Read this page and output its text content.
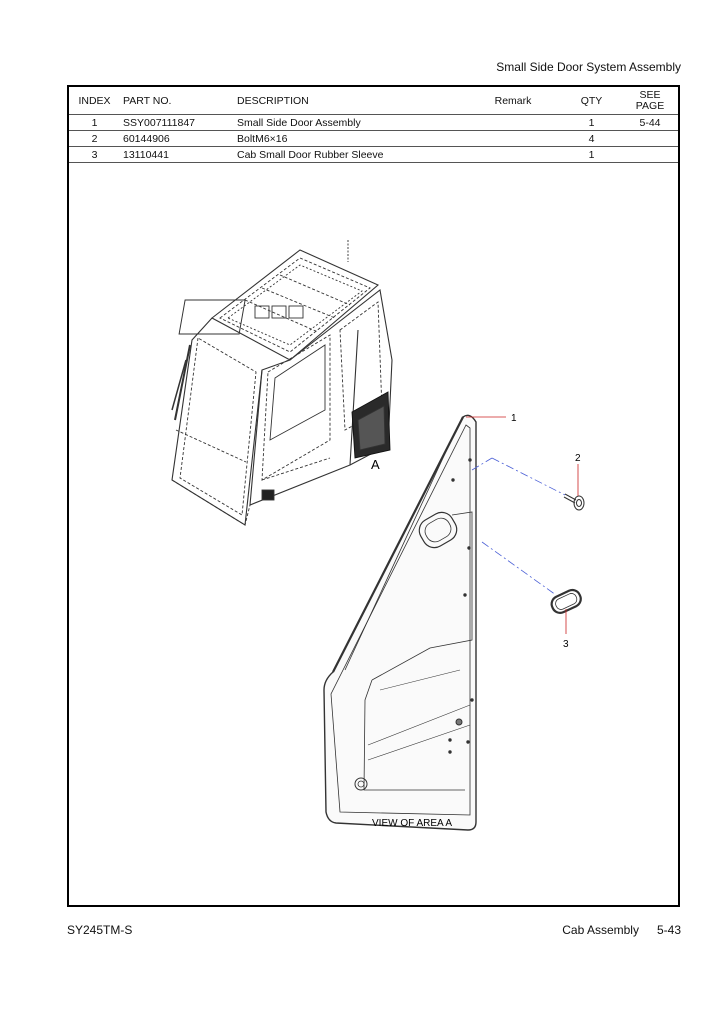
Small Side Door System Assembly
INDEX	PART NO.	DESCRIPTION	Remark	QTY	SEE
PAGE
1	SSY007111847	Small Side Door Assembly		1	5-44
2	60144906	BoltM6×16		4	
3	13110441	Cab Small Door Rubber Sleeve		1	
A
1
2
3
VIEW OF AREA A
SY245TM-S	Cab Assembly 5-43
